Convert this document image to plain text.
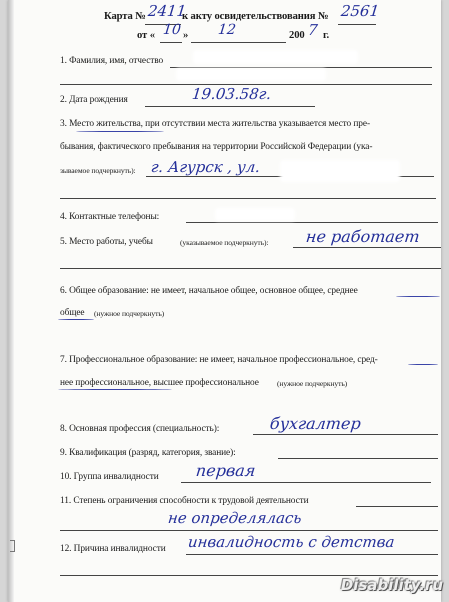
Карта № 2411
к акту освидетельствования № 2561
от « 10 » 12	200 7 г.
1. Фамилия, имя, отчество
2. Дата рождения	19.03.58г.
3. Место жительства, при отсутствии места жительства указывается место пре-
бывания, фактического пребывания на территории Российской Федерации (ука-
зываемое подчеркнуть): г. Агурск , ул.
4. Контактные телефоны:
5. Место работы, учебы	(указываемое подчеркнуть): не работает
6. Общее образование: не имеет, начальное общее, основное общее, среднее
общее (нужное подчеркнуть)
7. Профессиональное образование: не имеет, начальное профессиональное, сред-
нее профессиональное, высшее профессиональное (нужное подчеркнуть)
8. Основная профессия (специальность):	бухгалтер
9. Квалификация (разряд, категория, звание):
10. Группа инвалидности первая
11. Степень ограничения способности к трудовой деятельности
не определялась
12. Причина инвалидности инвалидность с детства
Disability.ru
